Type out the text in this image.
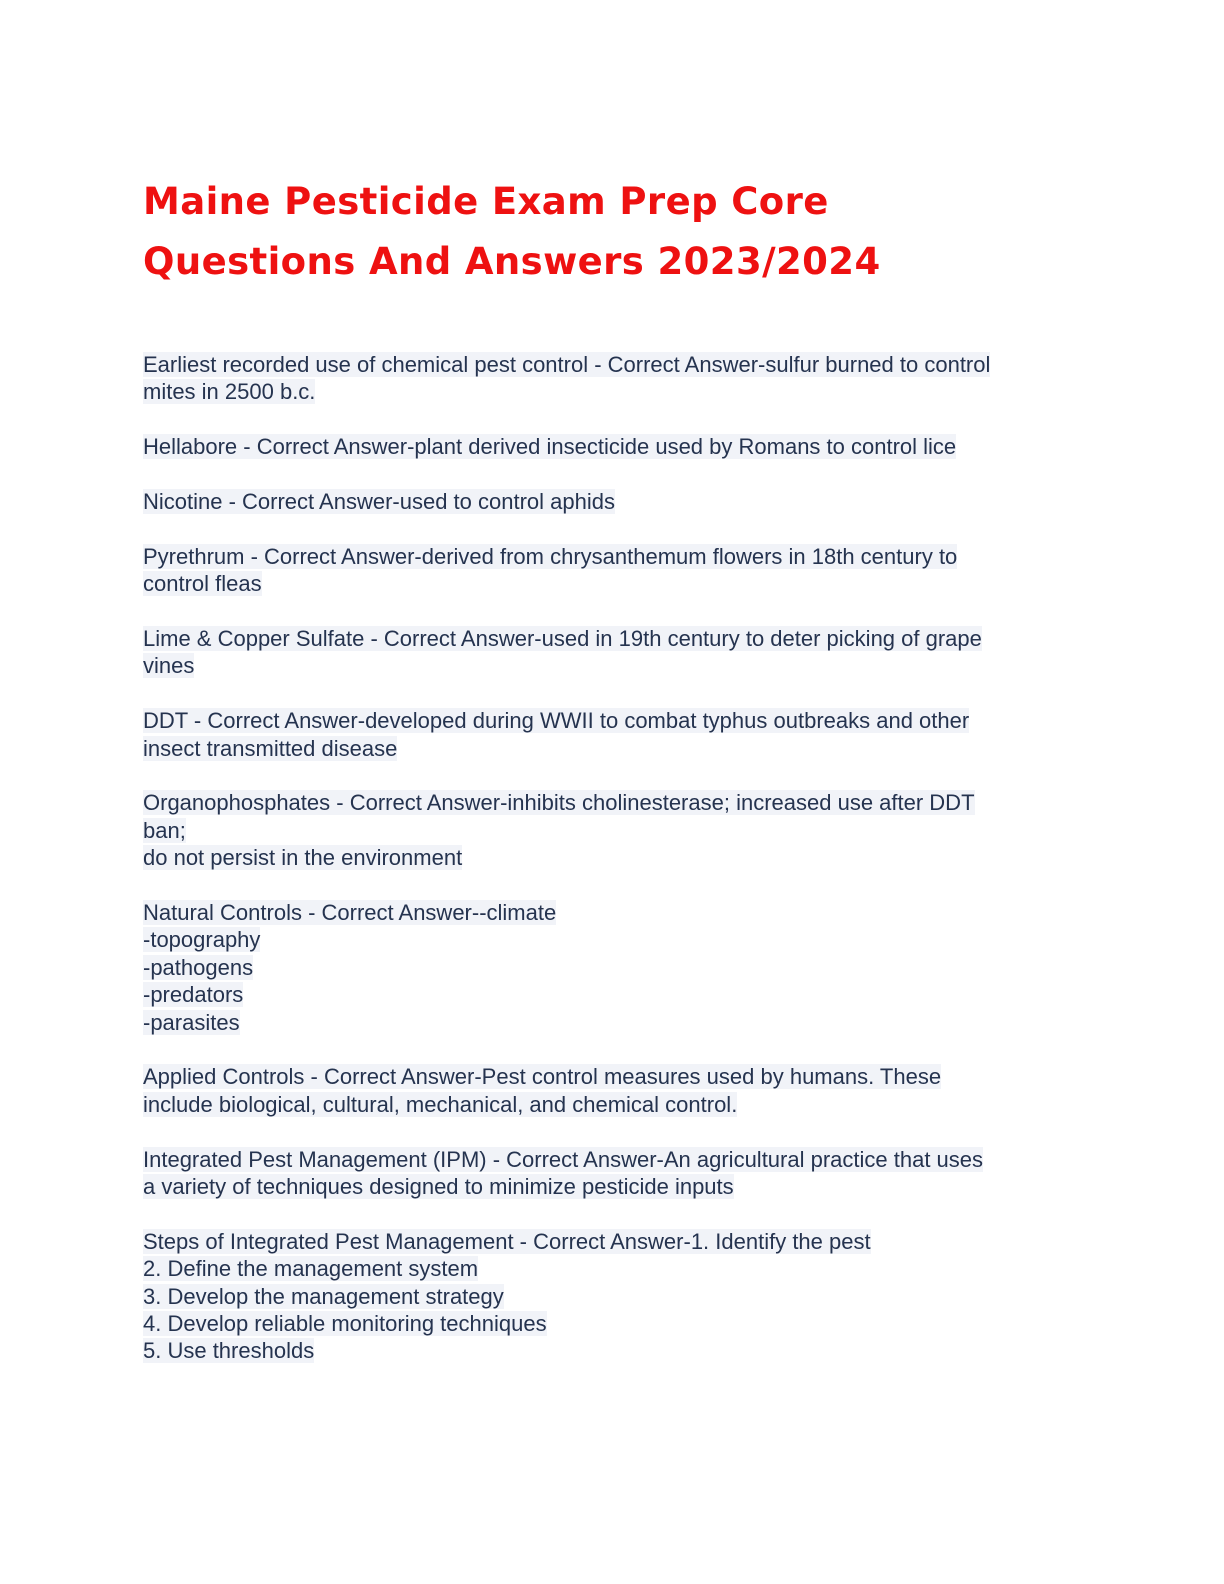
Maine Pesticide Exam Prep Core
Questions And Answers 2023/2024
Earliest recorded use of chemical pest control - Correct Answer-sulfur burned to control
mites in 2500 b.c.
Hellabore - Correct Answer-plant derived insecticide used by Romans to control lice
Nicotine - Correct Answer-used to control aphids
Pyrethrum - Correct Answer-derived from chrysanthemum flowers in 18th century to
control fleas
Lime & Copper Sulfate - Correct Answer-used in 19th century to deter picking of grape
vines
DDT - Correct Answer-developed during WWII to combat typhus outbreaks and other
insect transmitted disease
Organophosphates - Correct Answer-inhibits cholinesterase; increased use after DDT
ban;
do not persist in the environment
Natural Controls - Correct Answer--climate
-topography
-pathogens
-predators
-parasites
Applied Controls - Correct Answer-Pest control measures used by humans. These
include biological, cultural, mechanical, and chemical control.
Integrated Pest Management (IPM) - Correct Answer-An agricultural practice that uses
a variety of techniques designed to minimize pesticide inputs
Steps of Integrated Pest Management - Correct Answer-1. Identify the pest
2. Define the management system
3. Develop the management strategy
4. Develop reliable monitoring techniques
5. Use thresholds
